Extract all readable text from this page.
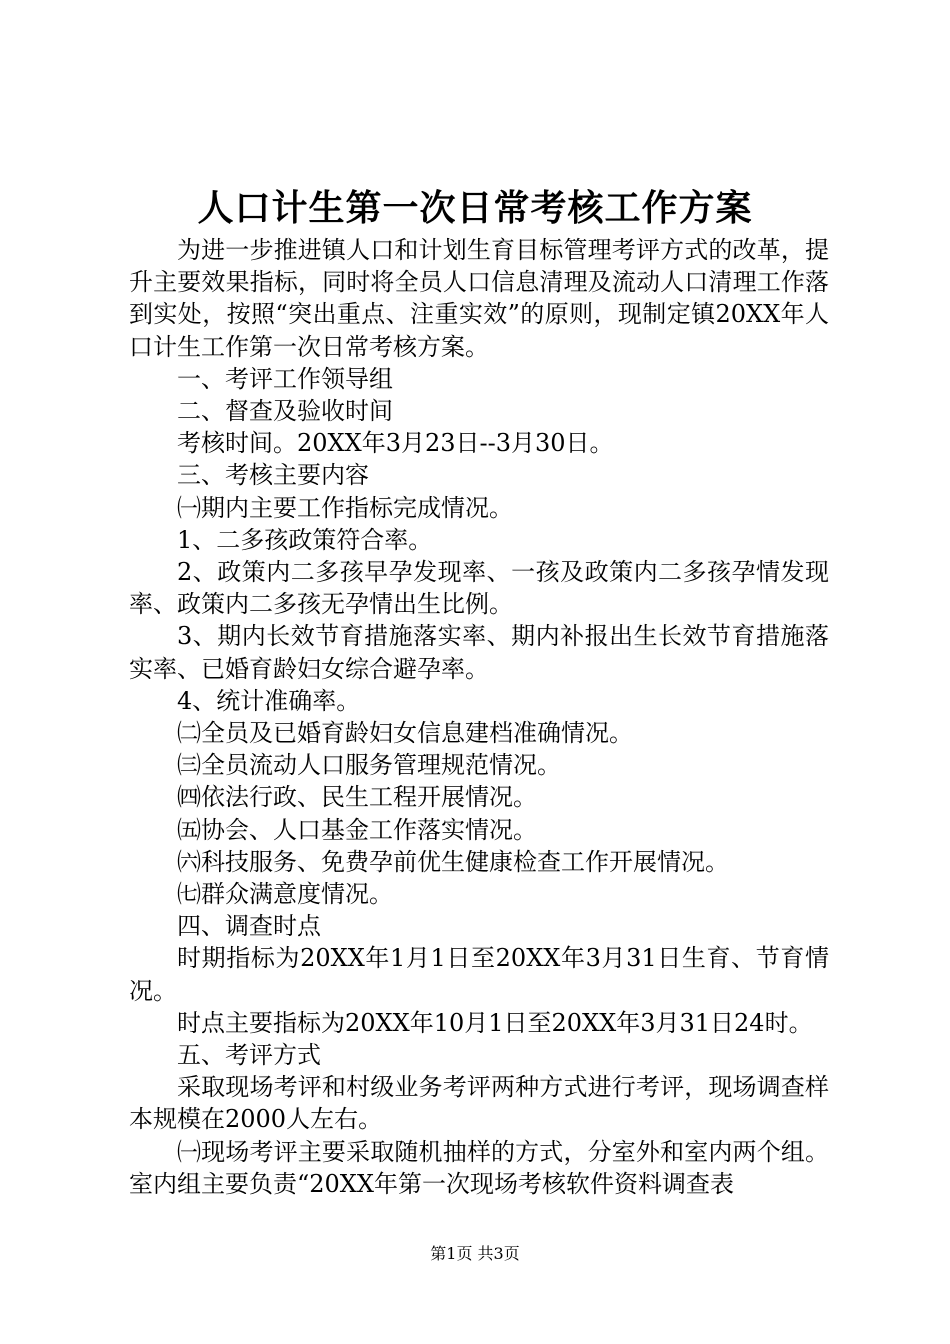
人口计生第一次日常考核工作方案

为进一步推进镇人口和计划生育目标管理考评方式的改革，提升主要效果指标，同时将全员人口信息清理及流动人口清理工作落到实处，按照“突出重点、注重实效”的原则，现制定镇20XX年人口计生工作第一次日常考核方案。

一、考评工作领导组

二、督查及验收时间

考核时间。20XX年3月23日--3月30日。

三、考核主要内容

㈠期内主要工作指标完成情况。

1、二多孩政策符合率。

2、政策内二多孩早孕发现率、一孩及政策内二多孩孕情发现率、政策内二多孩无孕情出生比例。

3、期内长效节育措施落实率、期内补报出生长效节育措施落实率、已婚育龄妇女综合避孕率。

4、统计准确率。

㈡全员及已婚育龄妇女信息建档准确情况。

㈢全员流动人口服务管理规范情况。

㈣依法行政、民生工程开展情况。

㈤协会、人口基金工作落实情况。

㈥科技服务、免费孕前优生健康检查工作开展情况。

㈦群众满意度情况。

四、调查时点

时期指标为20XX年1月1日至20XX年3月31日生育、节育情况。

时点主要指标为20XX年10月1日至20XX年3月31日24时。

五、考评方式

采取现场考评和村级业务考评两种方式进行考评，现场调查样本规模在2000人左右。

㈠现场考评主要采取随机抽样的方式，分室外和室内两个组。室内组主要负责“20XX年第一次现场考核软件资料调查表

第1页 共3页
